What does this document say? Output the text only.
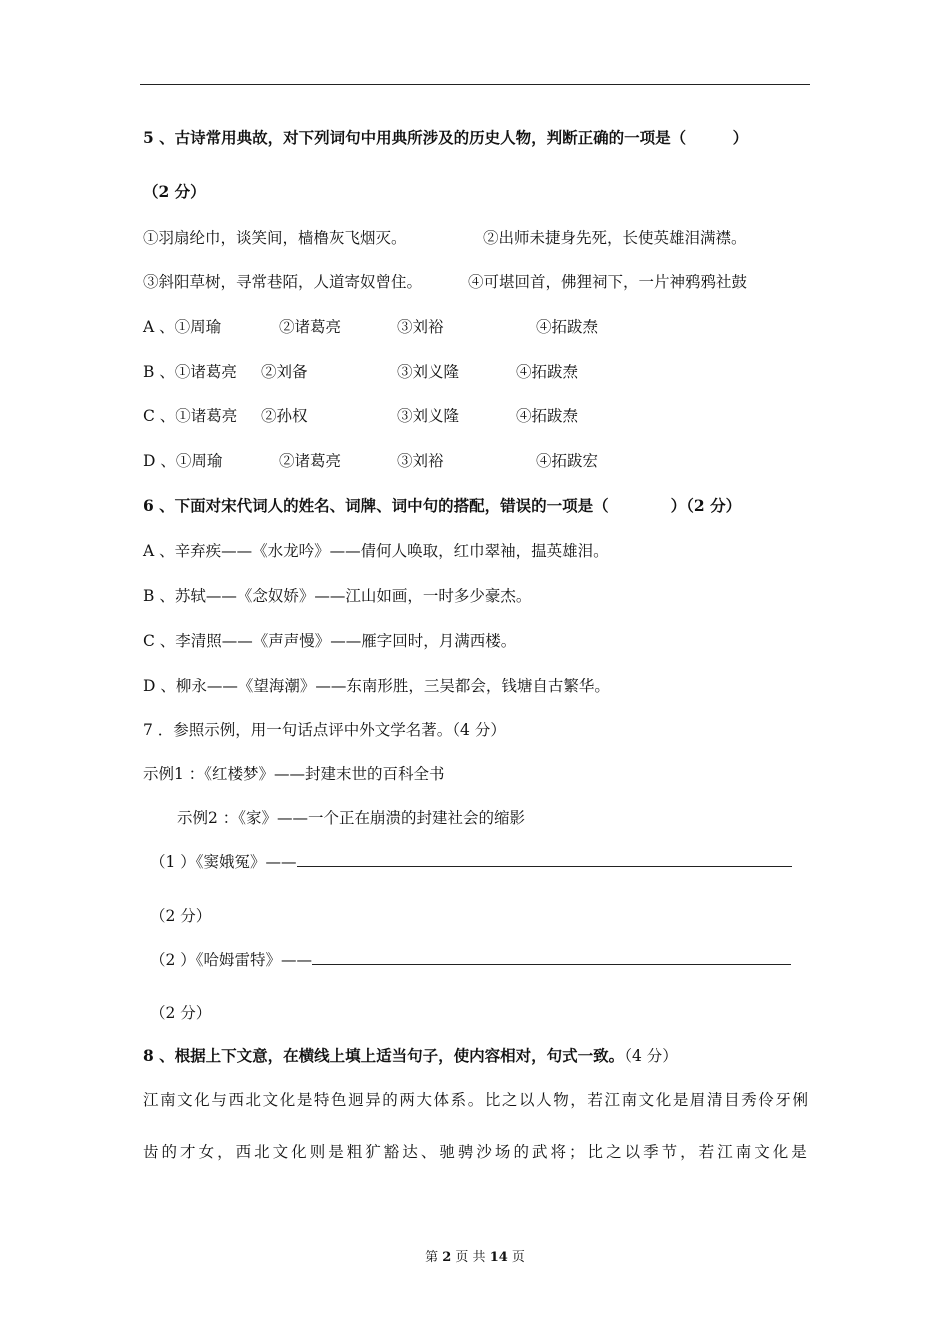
5 、古诗常用典故，对下列词句中用典所涉及的历史人物，判断正确的一项是（　　　）
（2 分）
①羽扇纶巾，谈笑间，樯橹灰飞烟灭。	②出师未捷身先死，长使英雄泪满襟。
③斜阳草树，寻常巷陌，人道寄奴曾住。	④可堪回首，佛狸祠下，一片神鸦鸦社鼓
A 、①周瑜	②诸葛亮	③刘裕	④拓跋焘
B 、①诸葛亮 ②刘备	③刘义隆	④拓跋焘
C 、①诸葛亮 ②孙权	③刘义隆	④拓跋焘
D 、①周瑜	②诸葛亮	③刘裕	④拓跋宏
6 、下面对宋代词人的姓名、词牌、词中句的搭配，错误的一项是（　　　　）（2 分）
A 、辛弃疾——《水龙吟》——倩何人唤取，红巾翠袖，揾英雄泪。
B 、苏轼——《念奴娇》——江山如画，一时多少豪杰。
C 、李清照——《声声慢》——雁字回时，月满西楼。
D 、柳永——《望海潮》——东南形胜，三吴都会，钱塘自古繁华。
7 ．参照示例，用一句话点评中外文学名著。（4 分）
示例1 ：《红楼梦》——封建末世的百科全书
示例2 ：《家》——一个正在崩溃的封建社会的缩影
（1 ）《窦娥冤》——
（2 分）
（2 ）《哈姆雷特》——
（2 分）
8 、根据上下文意，在横线上填上适当句子，使内容相对，句式一致。（4 分）
江南文化与西北文化是特色迥异的两大体系。比之以人物，若江南文化是眉清目秀伶牙俐
齿的才女，西北文化则是粗犷豁达、驰骋沙场的武将；比之以季节，若江南文化是
第 2 页 共 14 页
